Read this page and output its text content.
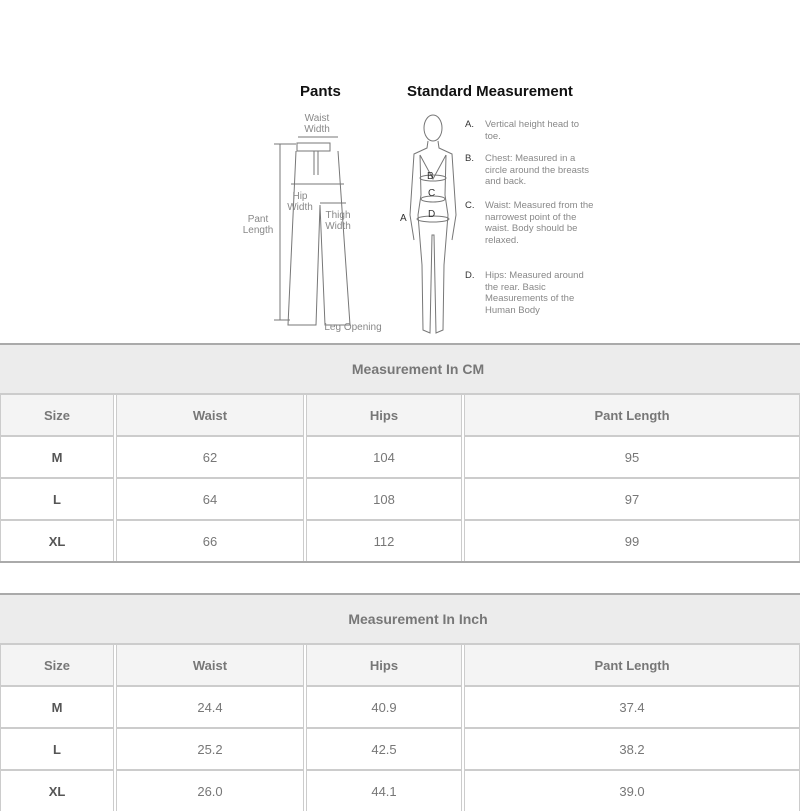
Pants	Standard Measurement
Waist
Width
Hip
Width
Thigh
Width
Pant
Length
Leg Opening
B
C
D
A
A. Vertical height head to toe.
B. Chest: Measured in a circle around the breasts and back.
C. Waist: Measured from the narrowest point of the waist. Body should be relaxed.
D. Hips: Measured around the rear. Basic Measurements of the Human Body
Measurement In CM
Size	Waist	Hips	Pant Length
M	62	104	95
L	64	108	97
XL	66	112	99
Measurement In Inch
Size	Waist	Hips	Pant Length
M	24.4	40.9	37.4
L	25.2	42.5	38.2
XL	26.0	44.1	39.0
